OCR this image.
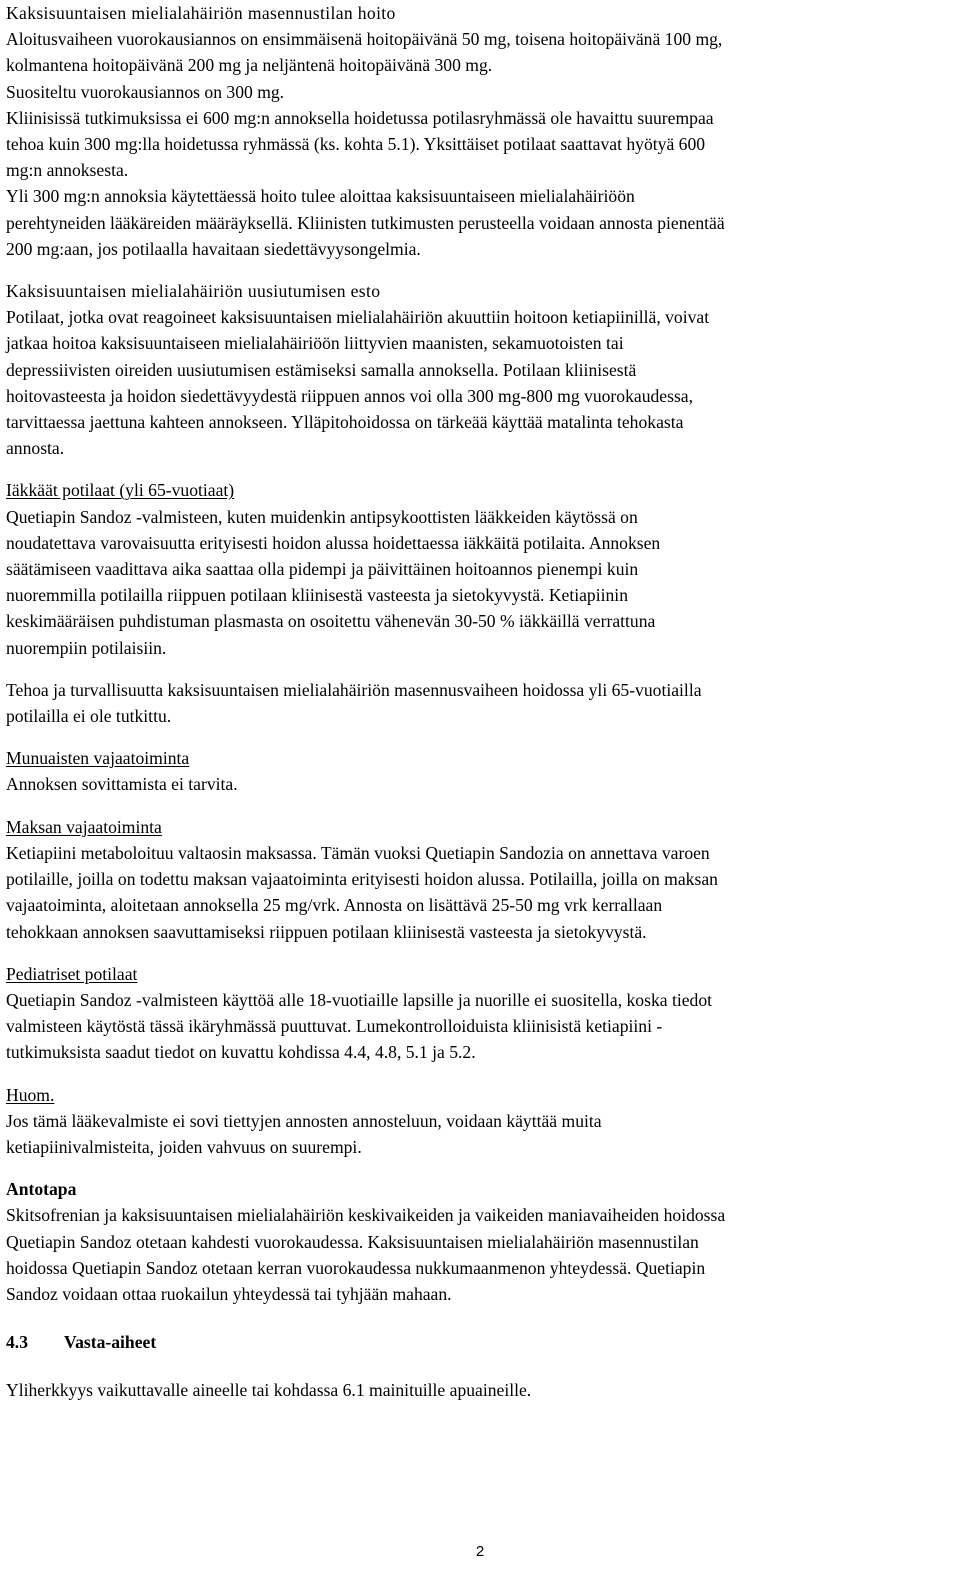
Kaksisuuntaisen mielialahäiriön masennustilan hoito

Aloitusvaiheen vuorokausiannos on ensimmäisenä hoitopäivänä 50 mg, toisena hoitopäivänä 100 mg,

kolmantena hoitopäivänä 200 mg ja neljäntenä hoitopäivänä 300 mg.

Suositeltu vuorokausiannos on 300 mg.

Kliinisissä tutkimuksissa ei 600 mg:n annoksella hoidetussa potilasryhmässä ole havaittu suurempaa

tehoa kuin 300 mg:lla hoidetussa ryhmässä (ks. kohta 5.1). Yksittäiset potilaat saattavat hyötyä 600

mg:n annoksesta.

Yli 300 mg:n annoksia käytettäessä hoito tulee aloittaa kaksisuuntaiseen mielialahäiriöön

perehtyneiden lääkäreiden määräyksellä. Kliinisten tutkimusten perusteella voidaan annosta pienentää

200 mg:aan, jos potilaalla havaitaan siedettävyysongelmia.

Kaksisuuntaisen mielialahäiriön uusiutumisen esto

Potilaat, jotka ovat reagoineet kaksisuuntaisen mielialahäiriön akuuttiin hoitoon ketiapiinillä, voivat

jatkaa hoitoa kaksisuuntaiseen mielialahäiriöön liittyvien maanisten, sekamuotoisten tai

depressiivisten oireiden uusiutumisen estämiseksi samalla annoksella. Potilaan kliinisestä

hoitovasteesta ja hoidon siedettävyydestä riippuen annos voi olla 300 mg-800 mg vuorokaudessa,

tarvittaessa jaettuna kahteen annokseen. Ylläpitohoidossa on tärkeää käyttää matalinta tehokasta

annosta.

Iäkkäät potilaat (yli 65-vuotiaat)

Quetiapin Sandoz -valmisteen, kuten muidenkin antipsykoottisten lääkkeiden käytössä on

noudatettava varovaisuutta erityisesti hoidon alussa hoidettaessa iäkkäitä potilaita. Annoksen

säätämiseen vaadittava aika saattaa olla pidempi ja päivittäinen hoitoannos pienempi kuin

nuoremmilla potilailla riippuen potilaan kliinisestä vasteesta ja sietokyvystä. Ketiapiinin

keskimääräisen puhdistuman plasmasta on osoitettu vähenevän 30-50 % iäkkäillä verrattuna

nuorempiin potilaisiin.

Tehoa ja turvallisuutta kaksisuuntaisen mielialahäiriön masennusvaiheen hoidossa yli 65-vuotiailla

potilailla ei ole tutkittu.

Munuaisten vajaatoiminta

Annoksen sovittamista ei tarvita.

Maksan vajaatoiminta

Ketiapiini metaboloituu valtaosin maksassa. Tämän vuoksi Quetiapin Sandozia on annettava varoen

potilaille, joilla on todettu maksan vajaatoiminta erityisesti hoidon alussa. Potilailla, joilla on maksan

vajaatoiminta, aloitetaan annoksella 25 mg/vrk. Annosta on lisättävä 25-50 mg vrk kerrallaan

tehokkaan annoksen saavuttamiseksi riippuen potilaan kliinisestä vasteesta ja sietokyvystä.

Pediatriset potilaat

Quetiapin Sandoz -valmisteen käyttöä alle 18-vuotiaille lapsille ja nuorille ei suositella, koska tiedot

valmisteen käytöstä tässä ikäryhmässä puuttuvat. Lumekontrolloiduista kliinisistä ketiapiini -

tutkimuksista saadut tiedot on kuvattu kohdissa 4.4, 4.8, 5.1 ja 5.2.

Huom.

Jos tämä lääkevalmiste ei sovi tiettyjen annosten annosteluun, voidaan käyttää muita

ketiapiinivalmisteita, joiden vahvuus on suurempi.

Antotapa

Skitsofrenian ja kaksisuuntaisen mielialahäiriön keskivaikeiden ja vaikeiden maniavaiheiden hoidossa

Quetiapin Sandoz otetaan kahdesti vuorokaudessa. Kaksisuuntaisen mielialahäiriön masennustilan

hoidossa Quetiapin Sandoz otetaan kerran vuorokaudessa nukkumaanmenon yhteydessä. Quetiapin

Sandoz voidaan ottaa ruokailun yhteydessä tai tyhjään mahaan.

4.3 Vasta-aiheet

Yliherkkyys vaikuttavalle aineelle tai kohdassa 6.1 mainituille apuaineille.

2
